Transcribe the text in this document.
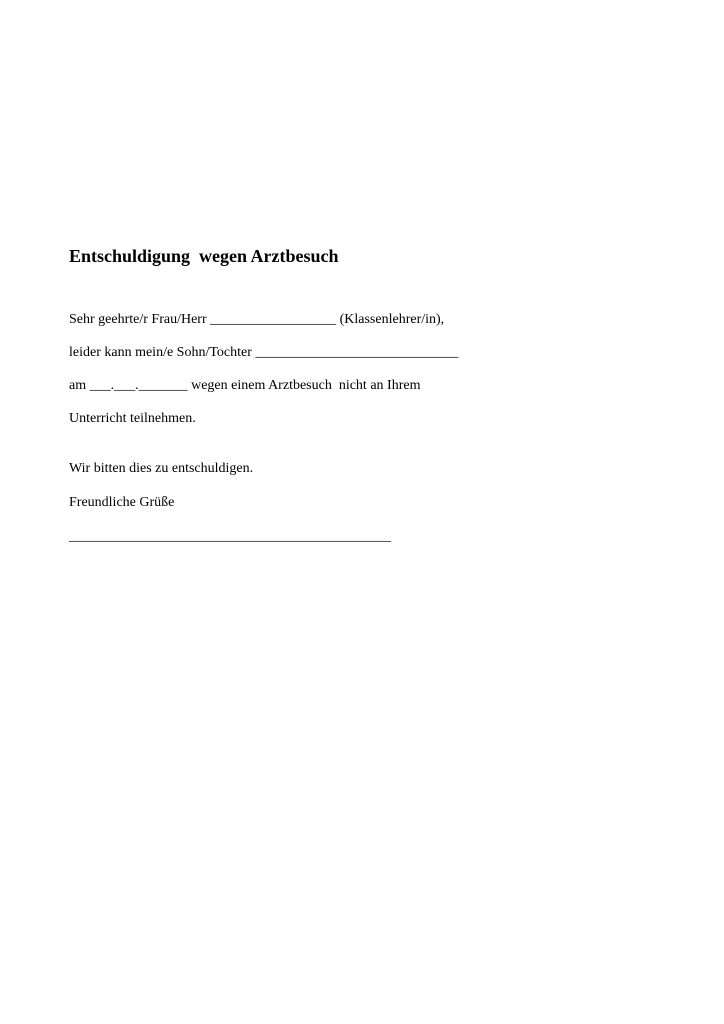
Entschuldigung  wegen Arztbesuch
Sehr geehrte/r Frau/Herr __________________ (Klassenlehrer/in),
leider kann mein/e Sohn/Tochter _____________________________
am ___.___._______ wegen einem Arztbesuch  nicht an Ihrem
Unterricht teilnehmen.
Wir bitten dies zu entschuldigen.
Freundliche Grüße
______________________________________________
